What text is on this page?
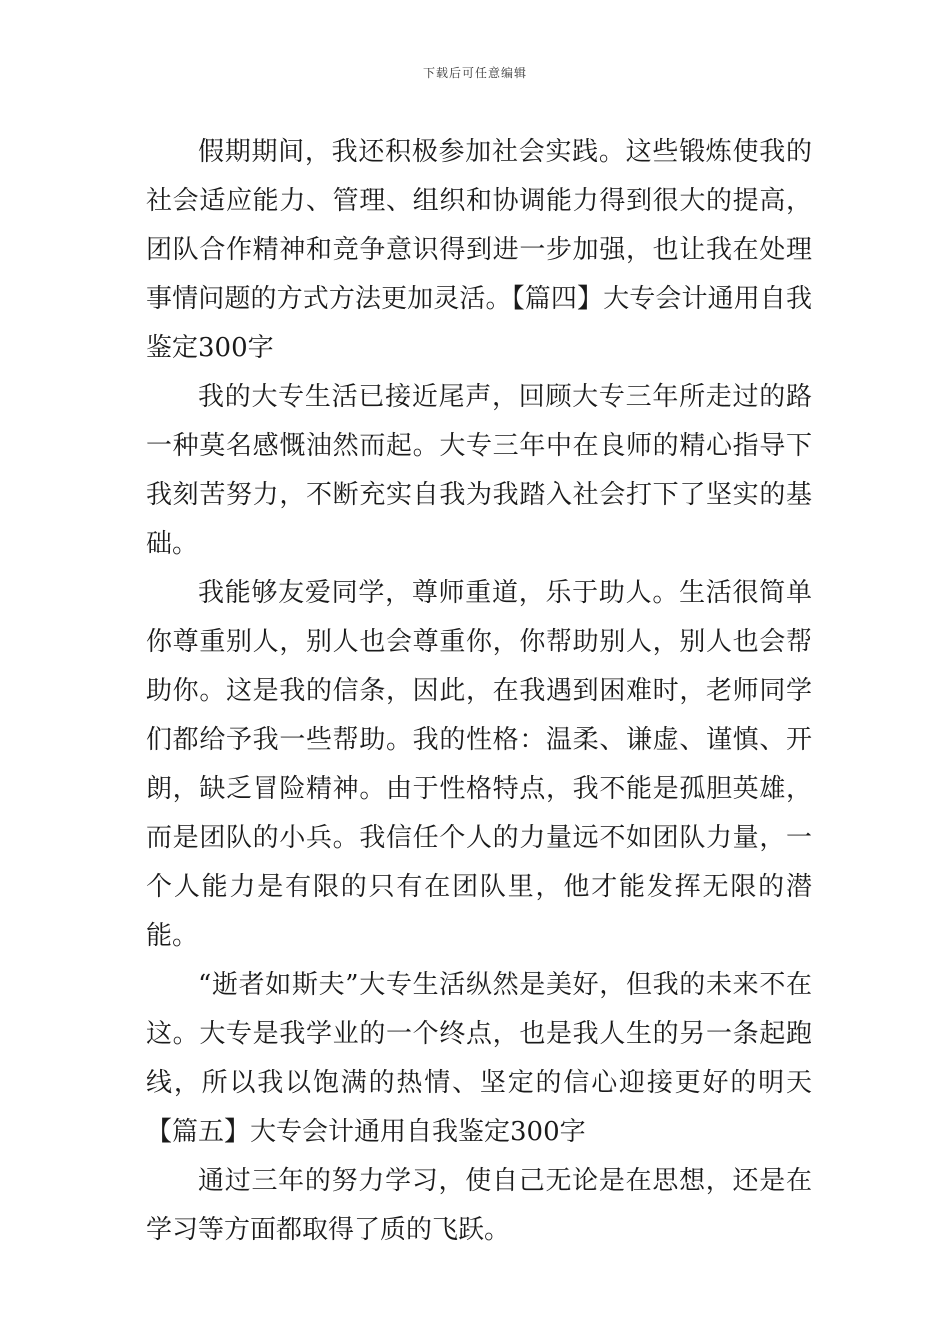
下载后可任意编辑

假期期间，我还积极参加社会实践。这些锻炼使我的社会适应能力、管理、组织和协调能力得到很大的提高，团队合作精神和竞争意识得到进一步加强，也让我在处理事情问题的方式方法更加灵活。【篇四】大专会计通用自我鉴定300字

我的大专生活已接近尾声，回顾大专三年所走过的路一种莫名感慨油然而起。大专三年中在良师的精心指导下我刻苦努力，不断充实自我为我踏入社会打下了坚实的基础。

我能够友爱同学，尊师重道，乐于助人。生活很简单你尊重别人，别人也会尊重你，你帮助别人，别人也会帮助你。这是我的信条，因此，在我遇到困难时，老师同学们都给予我一些帮助。我的性格：温柔、谦虚、谨慎、开朗，缺乏冒险精神。由于性格特点，我不能是孤胆英雄，而是团队的小兵。我信任个人的力量远不如团队力量，一个人能力是有限的只有在团队里，他才能发挥无限的潜能。

“逝者如斯夫”大专生活纵然是美好，但我的未来不在这。大专是我学业的一个终点，也是我人生的另一条起跑线，所以我以饱满的热情、坚定的信心迎接更好的明天【篇五】大专会计通用自我鉴定300字

通过三年的努力学习，使自己无论是在思想，还是在学习等方面都取得了质的飞跃。
